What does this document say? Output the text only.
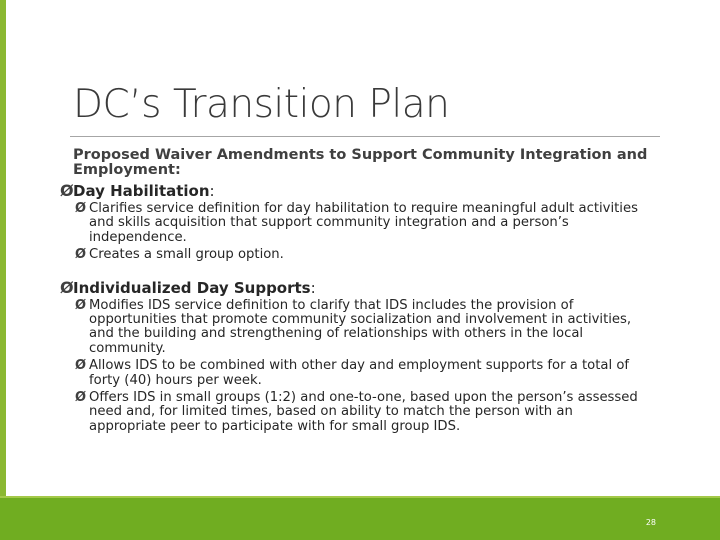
DC’s Transition Plan
Proposed Waiver Amendments to Support Community Integration and Employment:
Ø Day Habilitation:
Ø Clarifies service definition for day habilitation to require meaningful adult activities and skills acquisition that support community integration and a person’s independence.
Ø Creates a small group option.
Ø Individualized Day Supports:
Ø Modifies IDS service definition to clarify that IDS includes the provision of opportunities that promote community socialization and involvement in activities, and the building and strengthening of relationships with others in the local community.
Ø Allows IDS to be combined with other day and employment supports for a total of forty (40) hours per week.
Ø Offers IDS in small groups (1:2) and one-to-one, based upon the person’s assessed need and, for limited times, based on ability to match the person with an appropriate peer to participate with for small group IDS.
28
